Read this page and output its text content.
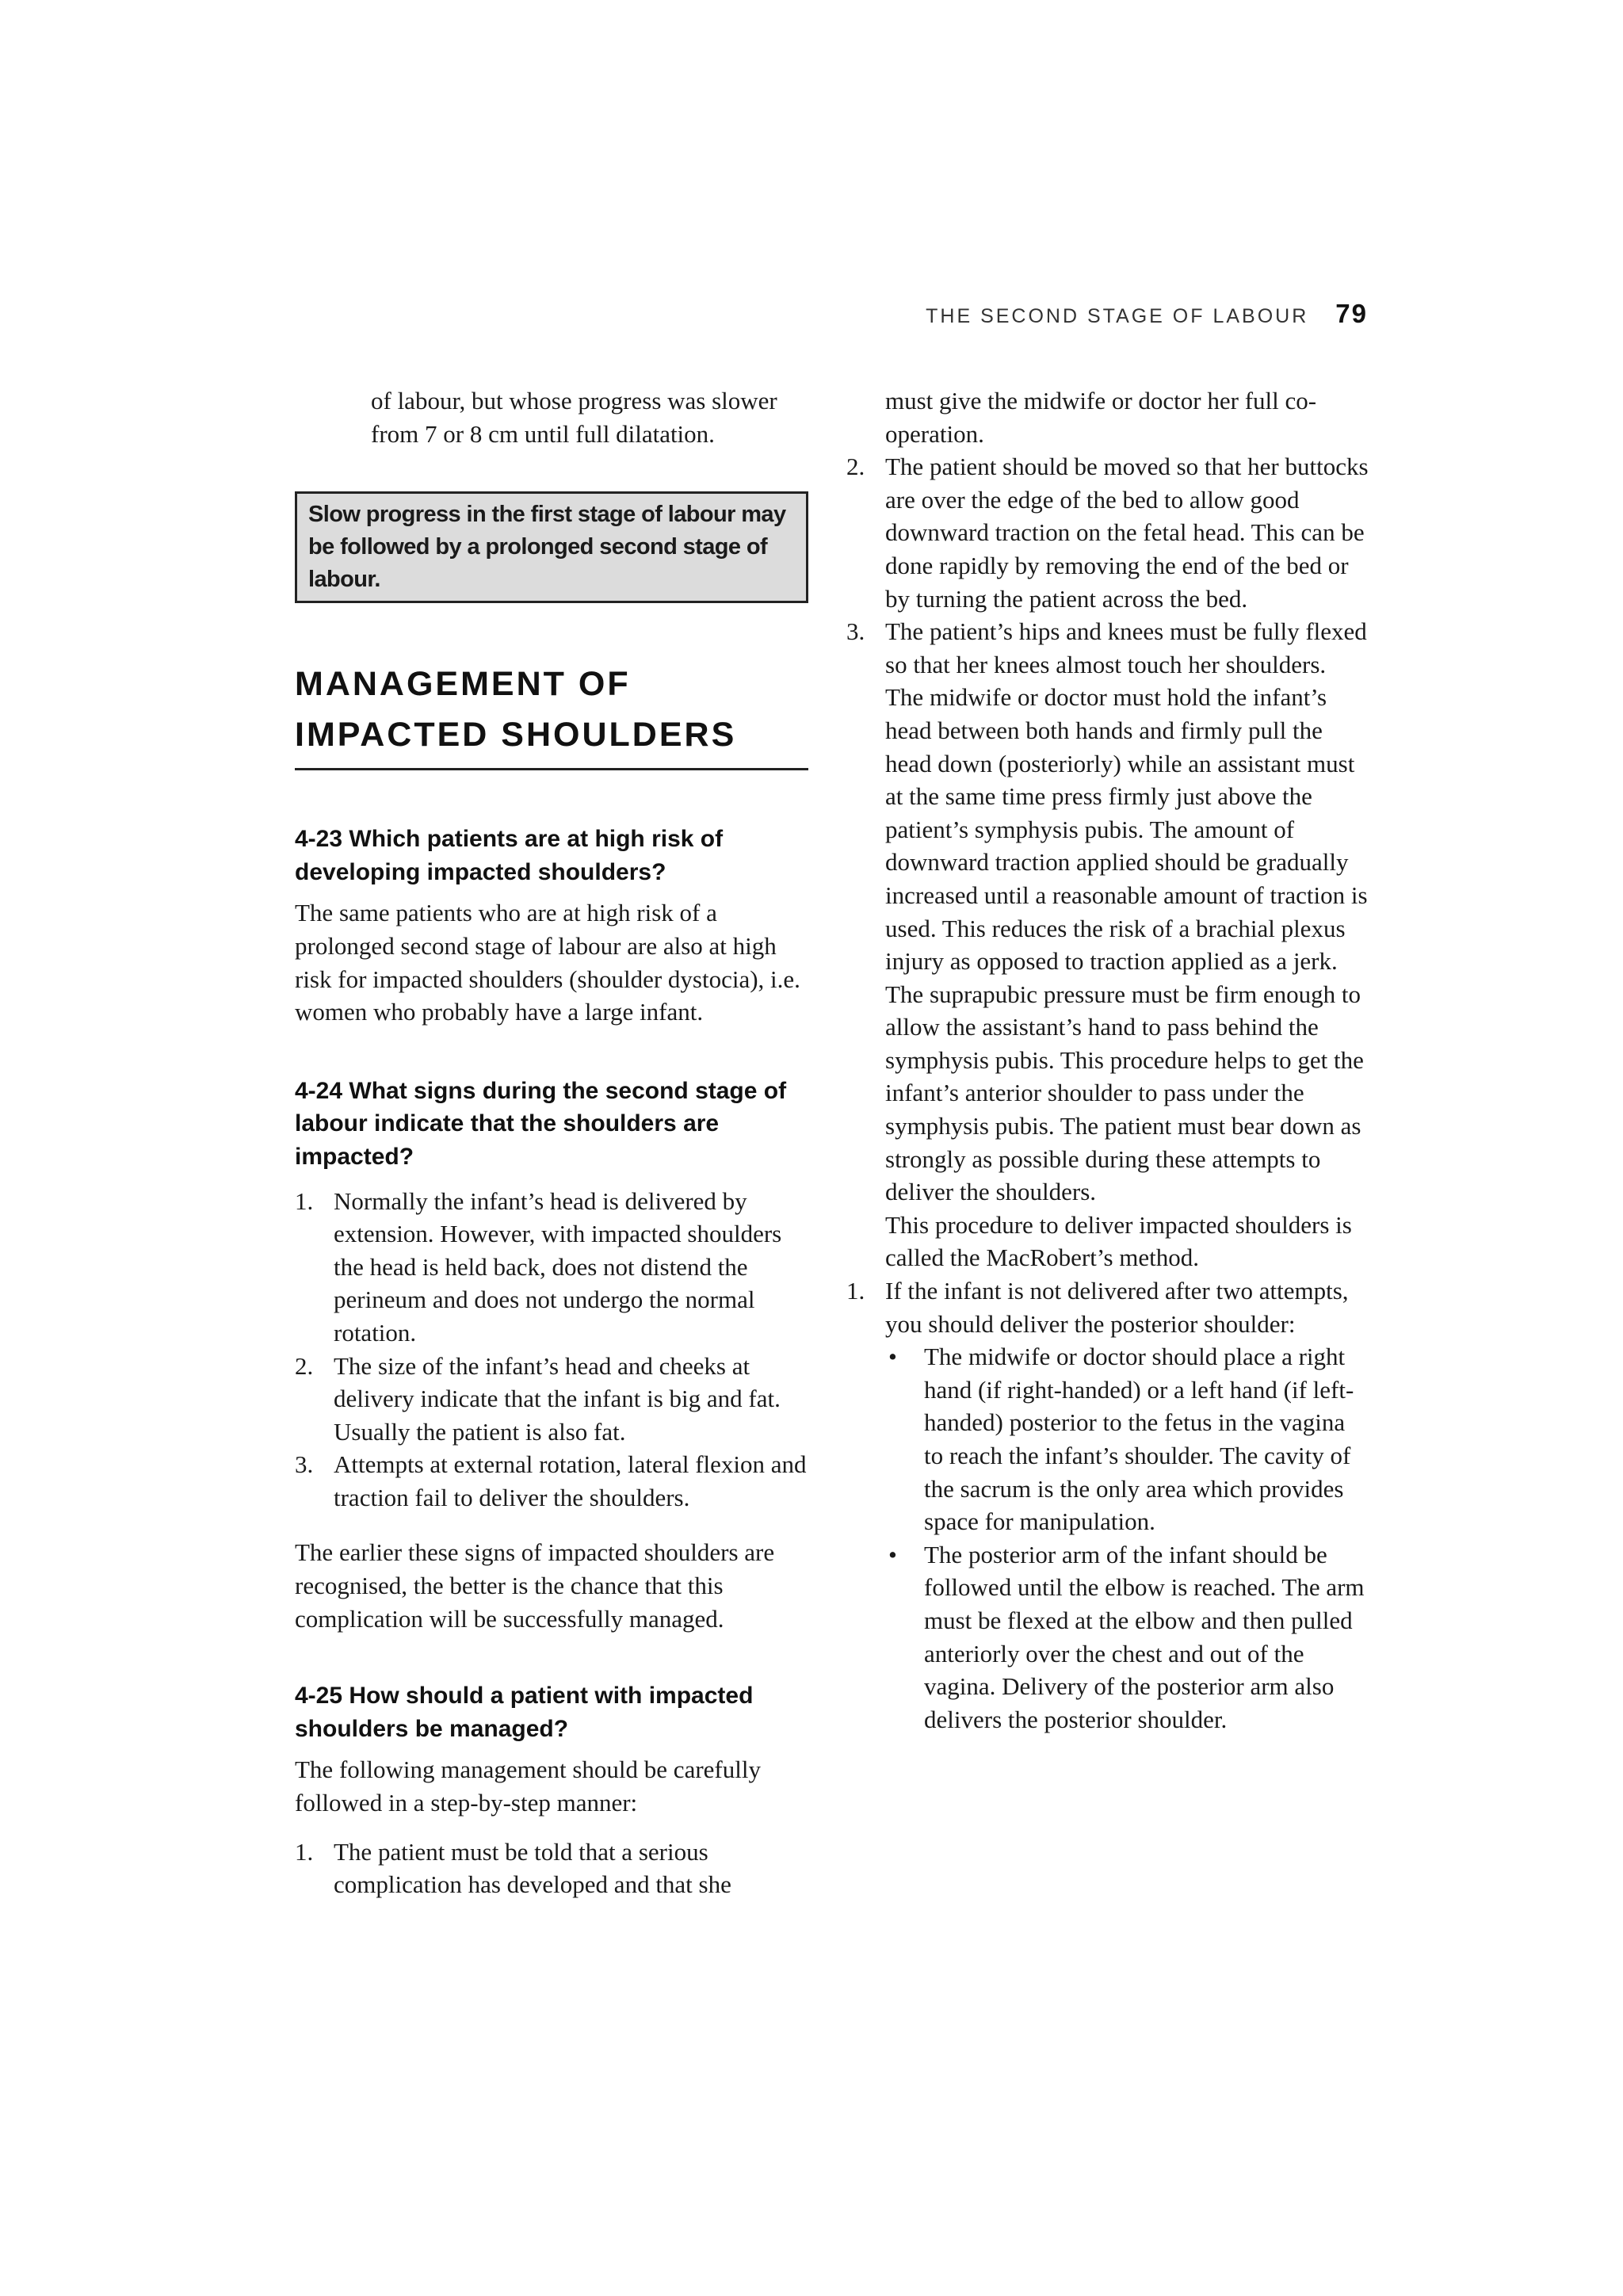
THE SECOND STAGE OF LABOUR 79

of labour, but whose progress was slower from 7 or 8 cm until full dilatation.

Slow progress in the first stage of labour may be followed by a prolonged second stage of labour.
MANAGEMENT OF
IMPACTED SHOULDERS
4-23 Which patients are at high risk of developing impacted shoulders?

The same patients who are at high risk of a prolonged second stage of labour are also at high risk for impacted shoulders (shoulder dystocia), i.e. women who probably have a large infant.

4-24 What signs during the second stage of labour indicate that the shoulders are impacted?
1. Normally the infant’s head is delivered by extension. However, with impacted shoulders the head is held back, does not distend the perineum and does not undergo the normal rotation.
2. The size of the infant’s head and cheeks at delivery indicate that the infant is big and fat. Usually the patient is also fat.
3. Attempts at external rotation, lateral flexion and traction fail to deliver the shoulders.

The earlier these signs of impacted shoulders are recognised, the better is the chance that this complication will be successfully managed.

4-25 How should a patient with impacted shoulders be managed?

The following management should be carefully followed in a step-by-step manner:

1. The patient must be told that a serious complication has developed and that she

must give the midwife or doctor her full co-operation.

2. The patient should be moved so that her buttocks are over the edge of the bed to allow good downward traction on the fetal head. This can be done rapidly by removing the end of the bed or by turning the patient across the bed.
3. The patient’s hips and knees must be fully flexed so that her knees almost touch her shoulders. The midwife or doctor must hold the infant’s head between both hands and firmly pull the head down (posteriorly) while an assistant must at the same time press firmly just above the patient’s symphysis pubis. The amount of downward traction applied should be gradually increased until a reasonable amount of traction is used. This reduces the risk of a brachial plexus injury as opposed to traction applied as a jerk. The suprapubic pressure must be firm enough to allow the assistant’s hand to pass behind the symphysis pubis. This procedure helps to get the infant’s anterior shoulder to pass under the symphysis pubis. The patient must bear down as strongly as possible during these attempts to deliver the shoulders.
This procedure to deliver impacted shoulders is called the MacRobert’s method.
1. If the infant is not delivered after two attempts, you should deliver the posterior shoulder:
•	The midwife or doctor should place a right hand (if right-handed) or a left hand (if left-handed) posterior to the fetus in the vagina to reach the infant’s shoulder. The cavity of the sacrum is the only area which provides space for manipulation.
•	The posterior arm of the infant should be followed until the elbow is reached. The arm must be flexed at the elbow and then pulled anteriorly over the chest and out of the vagina. Delivery of the posterior arm also delivers the posterior shoulder.
